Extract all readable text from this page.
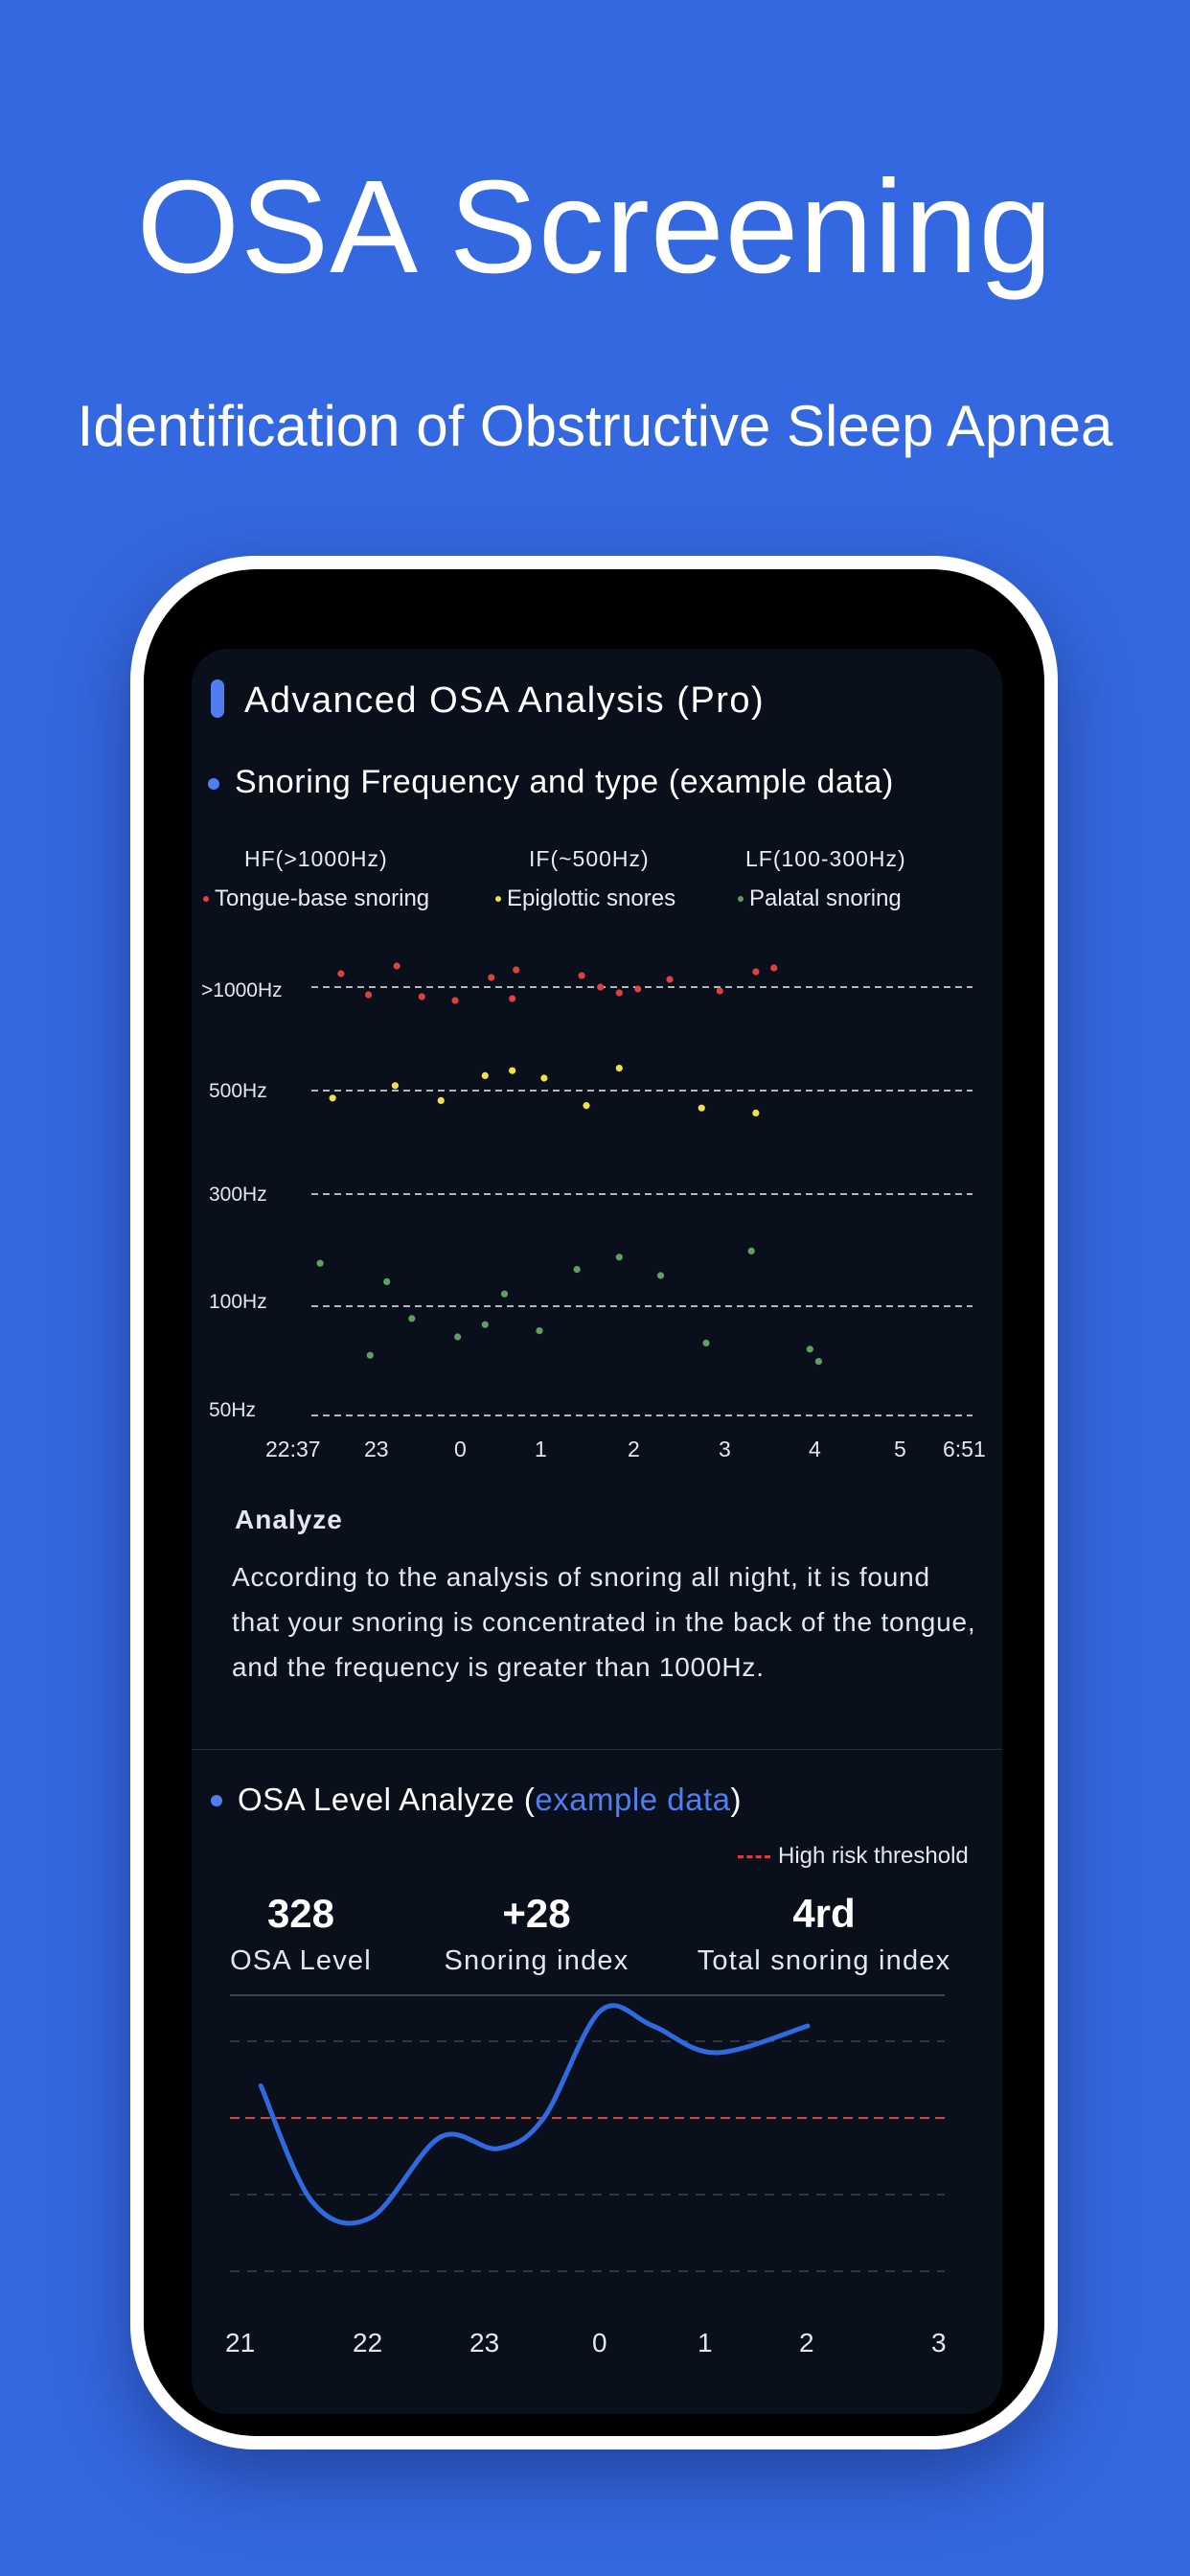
OSA Screening
Identification of Obstructive Sleep Apnea
Advanced OSA Analysis (Pro)
Snoring Frequency and type (example data)
HF(>1000Hz)	IF(~500Hz)	LF(100-300Hz)
Tongue-base snoring	Epiglottic snores	Palatal snoring
>1000Hz
500Hz
300Hz
100Hz
50Hz
22:37 23	0	1	2	3	4	5 6:51
Analyze
According to the analysis of snoring all night, it is found that your snoring is concentrated in the back of the tongue, and the frequency is greater than 1000Hz.
OSA Level Analyze (example data)
High risk threshold
328
OSA Level
+28
Snoring index
4rd
Total snoring index
21	22	23	0	1	2	3
